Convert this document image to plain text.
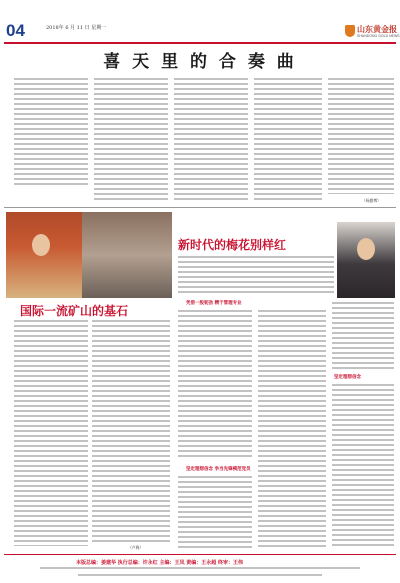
04	2018年 6 月 11 日 星期一	山东黄金报
SHANDONG GOLD NEWS
喜 天 里 的 合 奏 曲
（杨勤博）
国际一流矿山的基石
（卢梅）
新时代的梅花别样红
凭借一股韧劲 精于管理专业
坚定理想信念 争当先锋模范党员
坚定理想信念
本版总编：姜建华 执行总编：许永红 主编：王凤 责编：王永超 终审：王伟
